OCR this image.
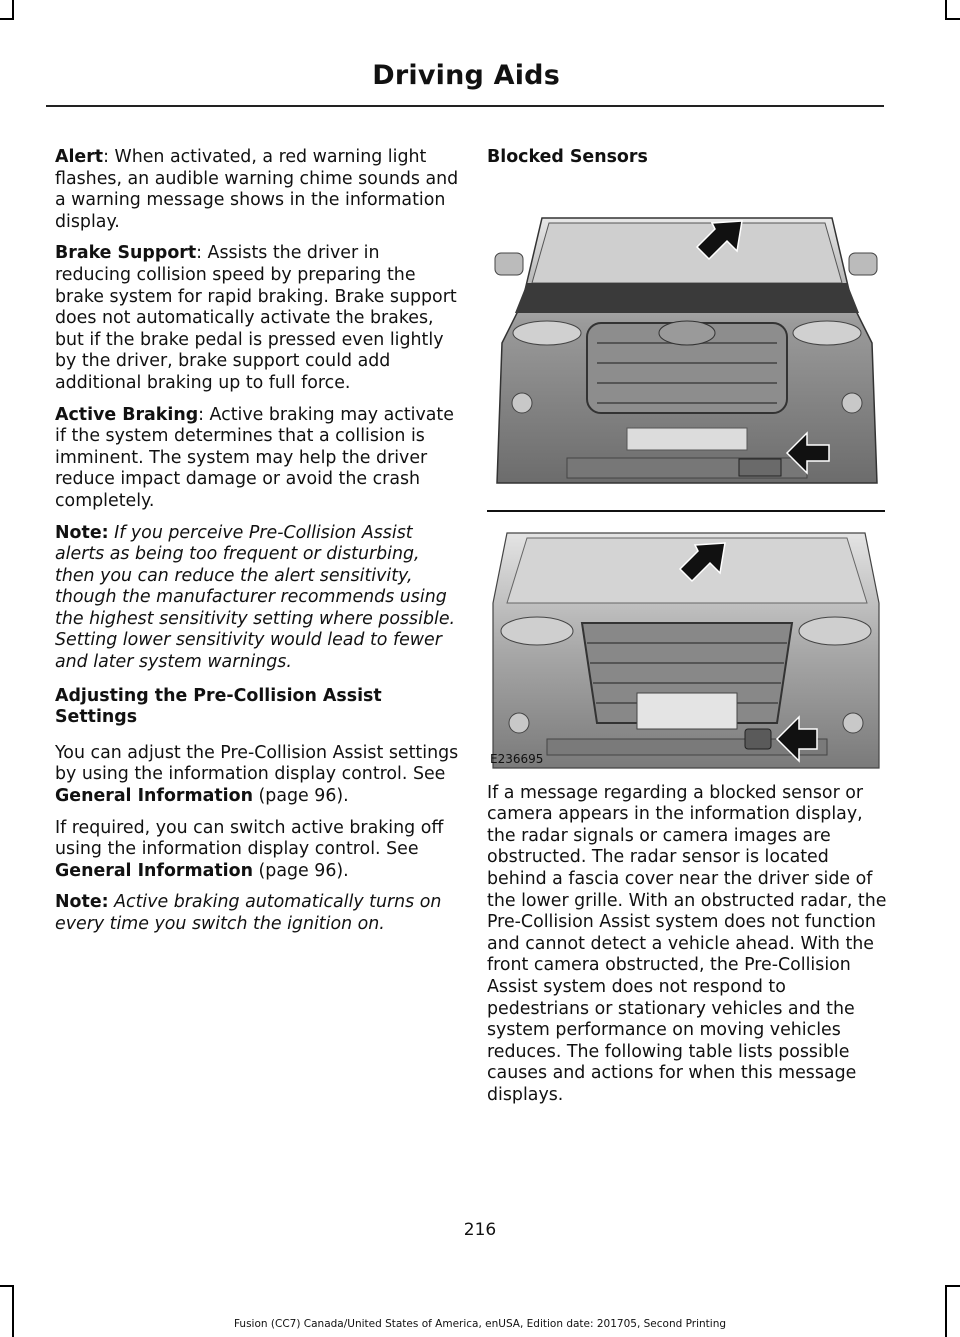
Driving Aids

Alert: When activated, a red warning light flashes, an audible warning chime sounds and a warning message shows in the information display.

Brake Support: Assists the driver in reducing collision speed by preparing the brake system for rapid braking. Brake support does not automatically activate the brakes, but if the brake pedal is pressed even lightly by the driver, brake support could add additional braking up to full force.

Active Braking: Active braking may activate if the system determines that a collision is imminent. The system may help the driver reduce impact damage or avoid the crash completely.

Note: If you perceive Pre-Collision Assist alerts as being too frequent or disturbing, then you can reduce the alert sensitivity, though the manufacturer recommends using the highest sensitivity setting where possible. Setting lower sensitivity would lead to fewer and later system warnings.

Adjusting the Pre-Collision Assist Settings

You can adjust the Pre-Collision Assist settings by using the information display control. See General Information (page 96).

If required, you can switch active braking off using the information display control. See General Information (page 96).

Note: Active braking automatically turns on every time you switch the ignition on.

Blocked Sensors
E236695

If a message regarding a blocked sensor or camera appears in the information display, the radar signals or camera images are obstructed. The radar sensor is located behind a fascia cover near the driver side of the lower grille. With an obstructed radar, the Pre-Collision Assist system does not function and cannot detect a vehicle ahead. With the front camera obstructed, the Pre-Collision Assist system does not respond to pedestrians or stationary vehicles and the system performance on moving vehicles reduces. The following table lists possible causes and actions for when this message displays.

216
Fusion (CC7) Canada/United States of America, enUSA, Edition date: 201705, Second Printing
